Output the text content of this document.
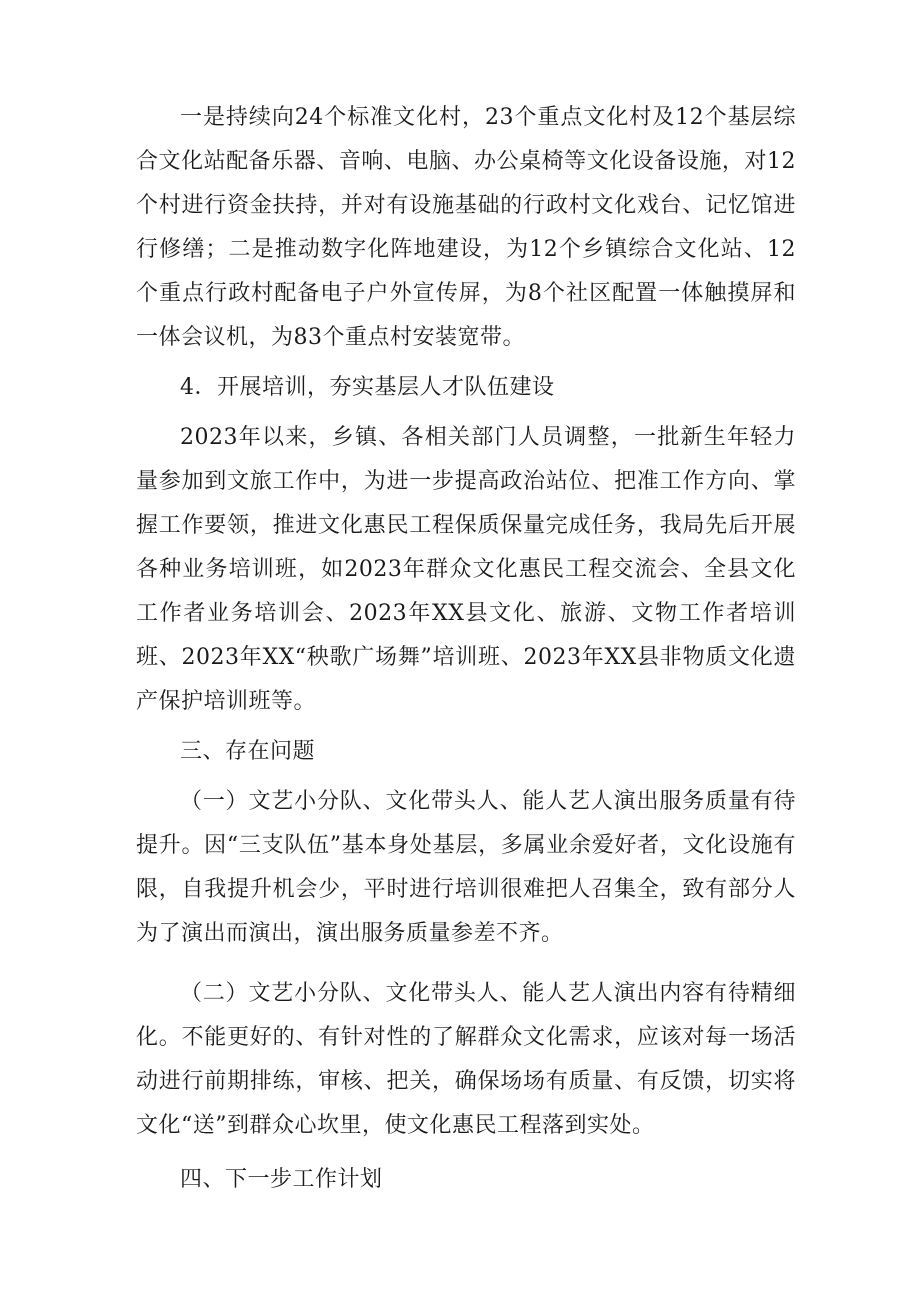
一是持续向24个标准文化村，23个重点文化村及12个基层综合文化站配备乐器、音响、电脑、办公桌椅等文化设备设施，对12个村进行资金扶持，并对有设施基础的行政村文化戏台、记忆馆进行修缮；二是推动数字化阵地建设，为12个乡镇综合文化站、12个重点行政村配备电子户外宣传屏，为8个社区配置一体触摸屏和一体会议机，为83个重点村安装宽带。

4．开展培训，夯实基层人才队伍建设

2023年以来，乡镇、各相关部门人员调整，一批新生年轻力量参加到文旅工作中，为进一步提高政治站位、把准工作方向、掌握工作要领，推进文化惠民工程保质保量完成任务，我局先后开展各种业务培训班，如2023年群众文化惠民工程交流会、全县文化工作者业务培训会、2023年XX县文化、旅游、文物工作者培训班、2023年XX“秧歌广场舞”培训班、2023年XX县非物质文化遗产保护培训班等。

三、存在问题

（一）文艺小分队、文化带头人、能人艺人演出服务质量有待提升。因“三支队伍”基本身处基层，多属业余爱好者，文化设施有限，自我提升机会少，平时进行培训很难把人召集全，致有部分人为了演出而演出，演出服务质量参差不齐。

（二）文艺小分队、文化带头人、能人艺人演出内容有待精细化。不能更好的、有针对性的了解群众文化需求，应该对每一场活动进行前期排练，审核、把关，确保场场有质量、有反馈，切实将文化“送”到群众心坎里，使文化惠民工程落到实处。

四、下一步工作计划
